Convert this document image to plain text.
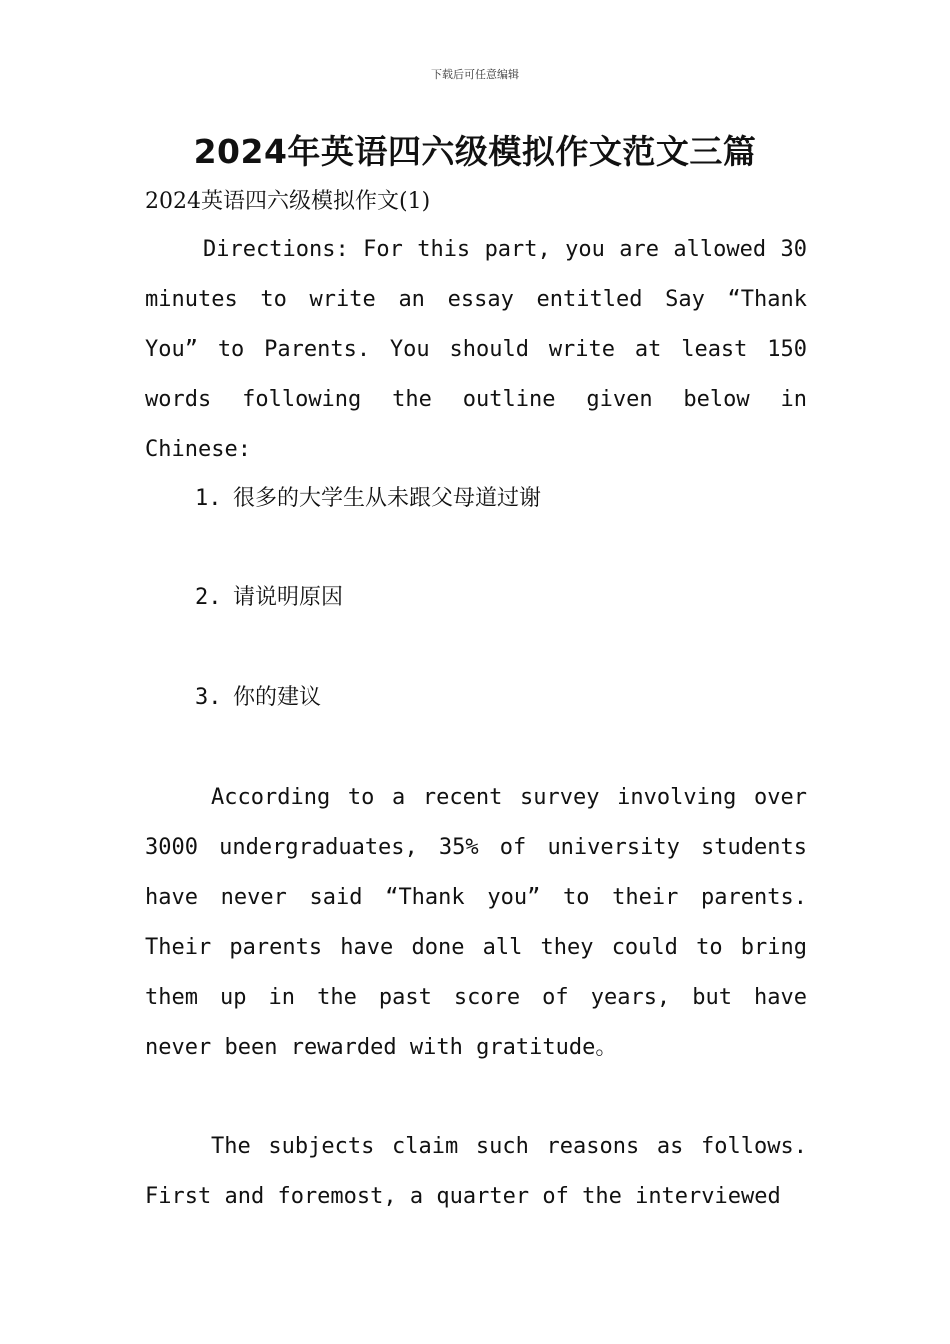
下载后可任意编辑
2024年英语四六级模拟作文范文三篇
2024英语四六级模拟作文(1)

Directions: For this part, you are allowed 30 minutes to write an essay entitled Say “Thank You” to Parents. You should write at least 150 words following the outline given below in Chinese:

1. 很多的大学生从未跟父母道过谢
2. 请说明原因
3. 你的建议

According to a recent survey involving over 3000 undergraduates, 35% of university students have never said “Thank you” to their parents. Their parents have done all they could to bring them up in the past score of years, but have never been rewarded with gratitude。

The subjects claim such reasons as follows. First and foremost, a quarter of the interviewed
